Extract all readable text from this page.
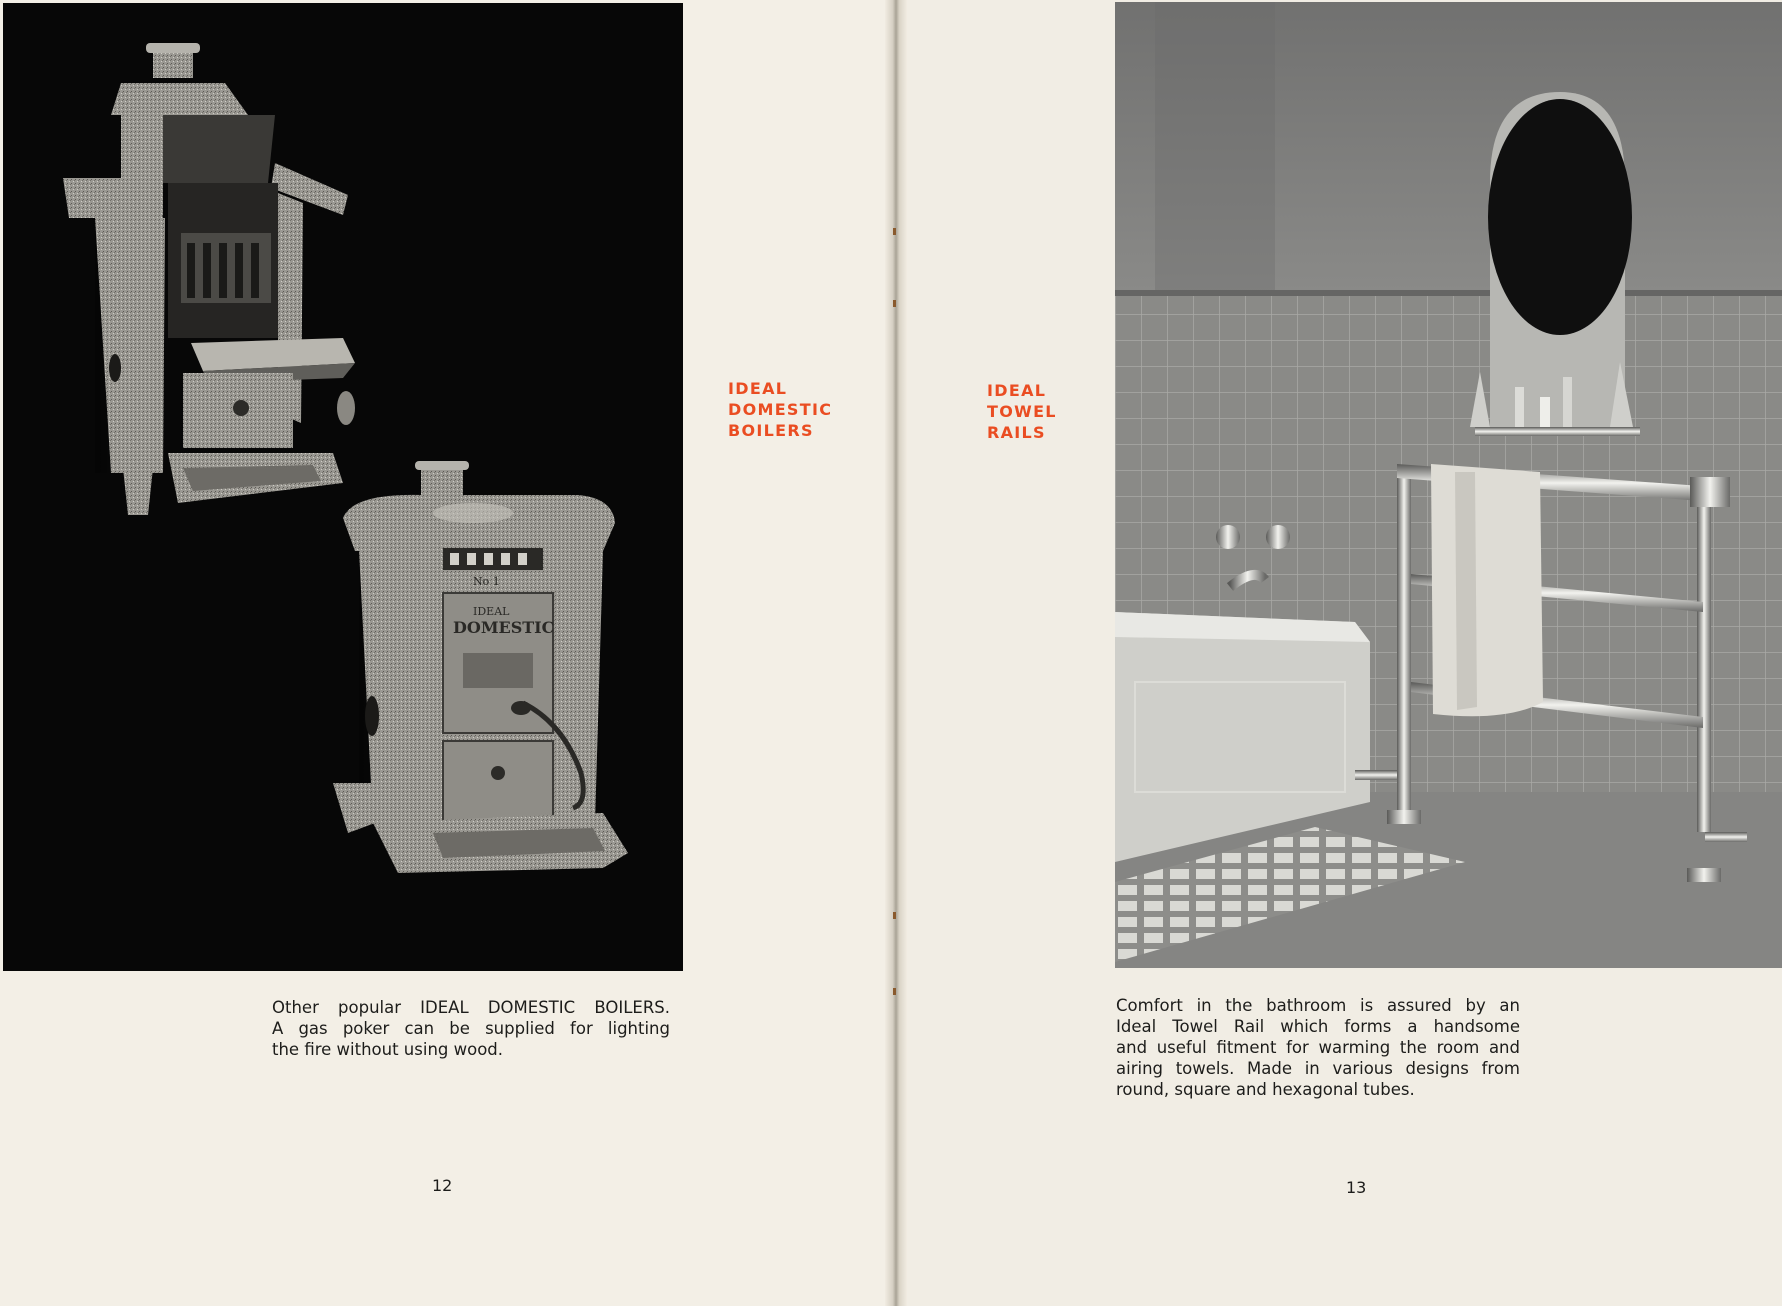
No 1
IDEAL
DOMESTIC
IDEAL
DOMESTIC
BOILERS

Other popular IDEAL DOMESTIC BOILERS.
A gas poker can be supplied for lighting
the fire without using wood.

12
IDEAL
TOWEL
RAILS

Comfort in the bathroom is assured by an
Ideal Towel Rail which forms a handsome
and useful fitment for warming the room and
airing towels. Made in various designs from
round, square and hexagonal tubes.

13
